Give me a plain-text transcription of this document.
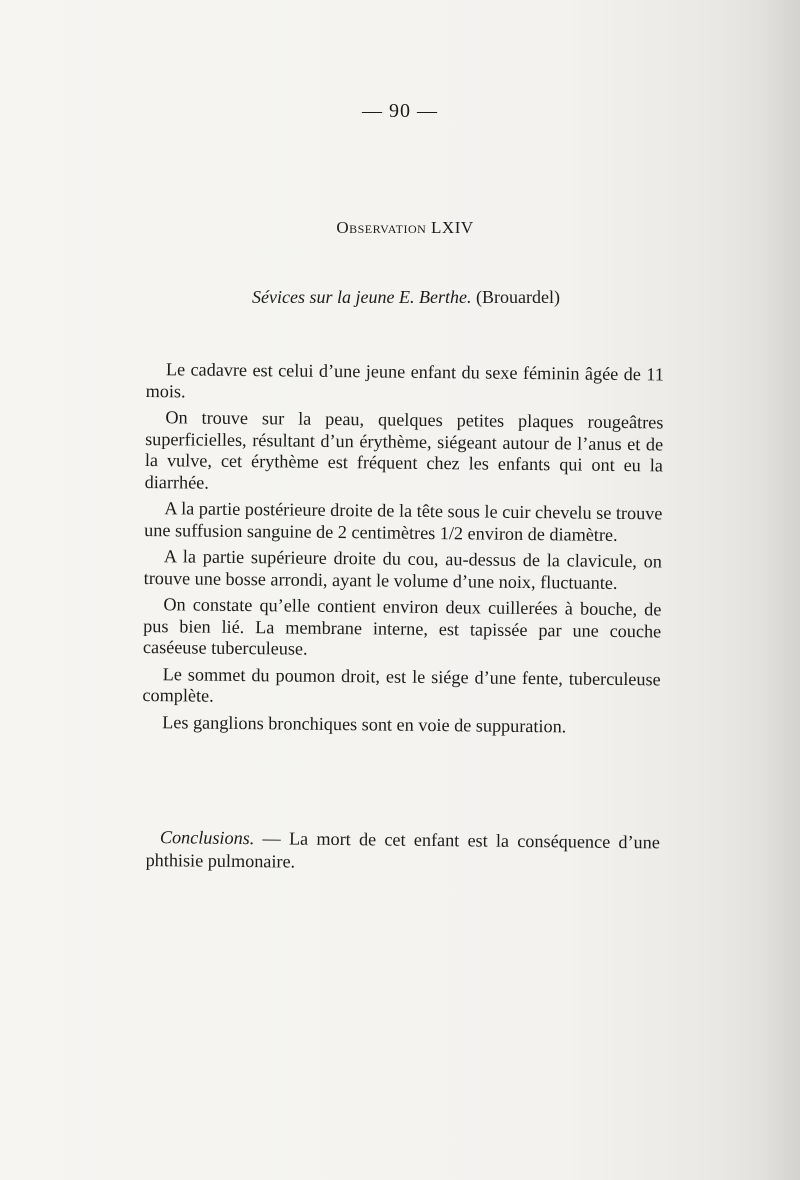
— 90 —
Observation LXIV
Sévices sur la jeune E. Berthe. (Brouardel)

Le cadavre est celui d’une jeune enfant du sexe féminin âgée de 11 mois.

On trouve sur la peau, quelques petites plaques rougeâtres superficielles, résultant d’un érythème, siégeant autour de l’anus et de la vulve, cet érythème est fréquent chez les enfants qui ont eu la diarrhée.

A la partie postérieure droite de la tête sous le cuir chevelu se trouve une suffusion sanguine de 2 centimètres 1/2 environ de diamètre.

A la partie supérieure droite du cou, au-dessus de la clavicule, on trouve une bosse arrondi, ayant le volume d’une noix, fluctuante.

On constate qu’elle contient environ deux cuillerées à bouche, de pus bien lié. La membrane interne, est tapissée par une couche caséeuse tuberculeuse.

Le sommet du poumon droit, est le siége d’une fente, tuberculeuse complète.

Les ganglions bronchiques sont en voie de suppuration.

Conclusions. — La mort de cet enfant est la conséquence d’une phthisie pulmonaire.
